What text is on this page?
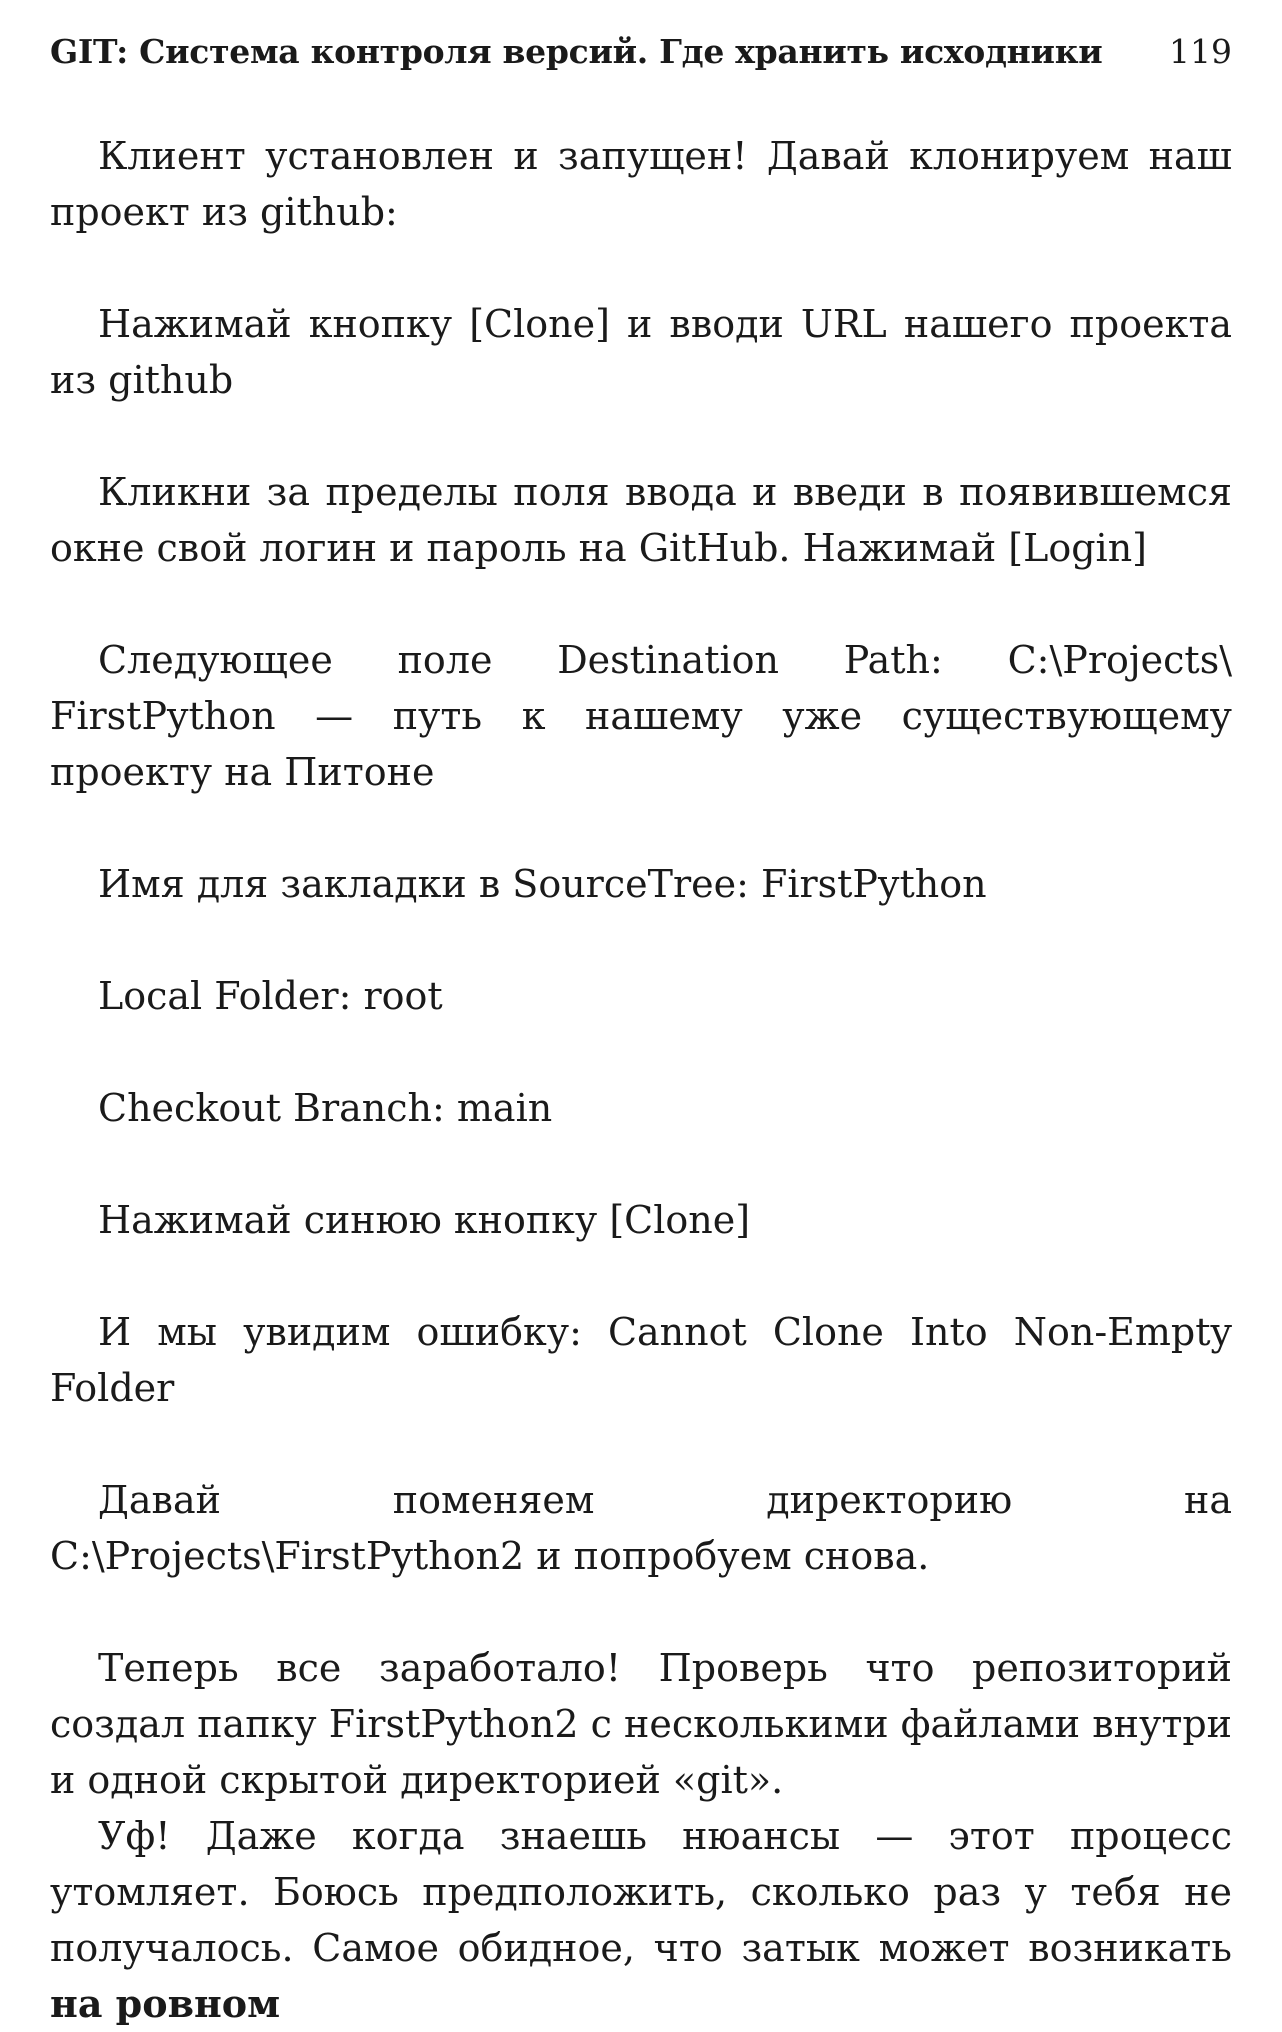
GIT: Система контроля версий. Где хранить исходники 119

Клиент установлен и запущен! Давай клонируем наш проект из github:

Нажимай кнопку [Clone] и вводи URL нашего проекта из github

Кликни за пределы поля ввода и введи в появившемся окне свой логин и пароль на GitHub. Нажимай [Login]

Следующее поле Destination Path: C:\Projects\ FirstPython — путь к нашему уже существующему проекту на Питоне

Имя для закладки в SourceTree: FirstPython

Local Folder: root

Checkout Branch: main

Нажимай синюю кнопку [Clone]

И мы увидим ошибку: Cannot Clone Into Non-Empty Folder

Давай поменяем директорию на C:\Projects\FirstPython2 и попробуем снова.

Теперь все заработало! Проверь что репозиторий создал папку FirstPython2 с несколькими файлами внутри и одной скрытой директорией «git».

Уф! Даже когда знаешь нюансы — этот процесс утомляет. Боюсь предположить, сколько раз у тебя не получалось. Самое обидное, что затык может возникать на ровном
